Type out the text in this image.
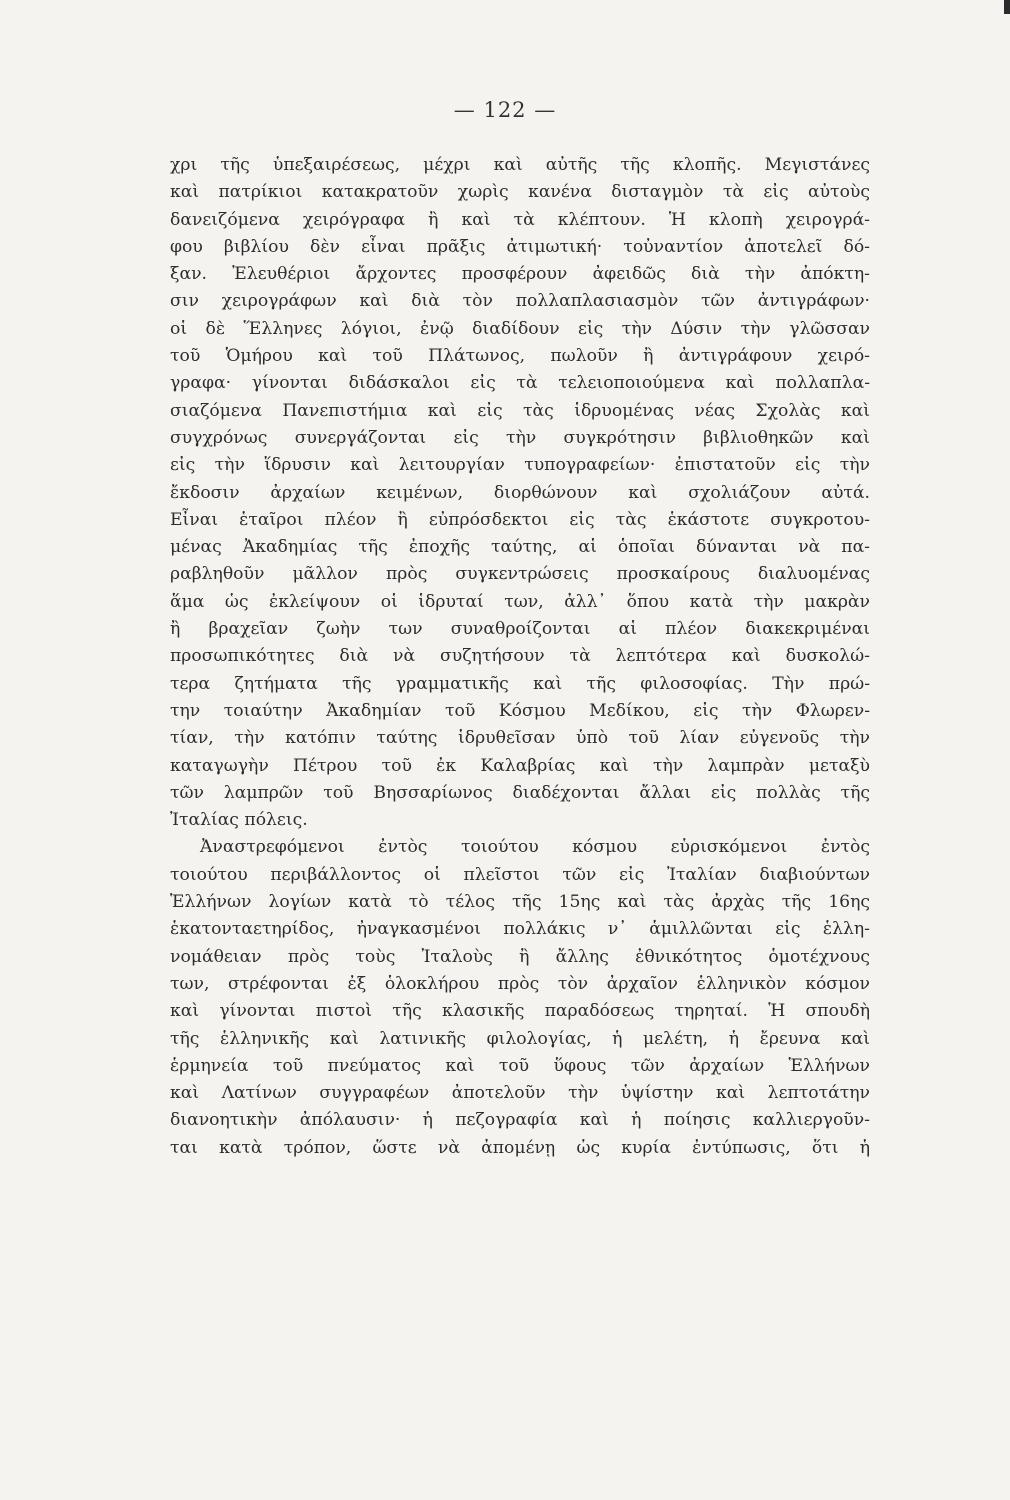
— 122 —
χρι τῆς ὑπεξαιρέσεως, μέχρι καὶ αὐτῆς τῆς κλοπῆς. Μεγιστάνες
καὶ πατρίκιοι κατακρατοῦν χωρὶς κανένα δισταγμὸν τὰ εἰς αὐτοὺς
δανειζόμενα χειρόγραφα ἢ καὶ τὰ κλέπτουν. Ἡ κλοπὴ χειρογρά-
φου βιβλίου δὲν εἶναι πρᾶξις ἀτιμωτική· τοὐναντίον ἀποτελεῖ δό-
ξαν. Ἐλευθέριοι ἄρχοντες προσφέρουν ἀφειδῶς διὰ τὴν ἀπόκτη-
σιν χειρογράφων καὶ διὰ τὸν πολλαπλασιασμὸν τῶν ἀντιγράφων·
οἱ δὲ Ἕλληνες λόγιοι, ἐνῷ διαδίδουν εἰς τὴν Δύσιν τὴν γλῶσσαν
τοῦ Ὁμήρου καὶ τοῦ Πλάτωνος, πωλοῦν ἢ ἀντιγράφουν χειρό-
γραφα· γίνονται διδάσκαλοι εἰς τὰ τελειοποιούμενα καὶ πολλαπλα-
σιαζόμενα Πανεπιστήμια καὶ εἰς τὰς ἱδρυομένας νέας Σχολὰς καὶ
συγχρόνως συνεργάζονται εἰς τὴν συγκρότησιν βιβλιοθηκῶν καὶ
εἰς τὴν ἵδρυσιν καὶ λειτουργίαν τυπογραφείων· ἐπιστατοῦν εἰς τὴν
ἔκδοσιν ἀρχαίων κειμένων, διορθώνουν καὶ σχολιάζουν αὐτά.
Εἶναι ἑταῖροι πλέον ἢ εὐπρόσδεκτοι εἰς τὰς ἑκάστοτε συγκροτου-
μένας Ἀκαδημίας τῆς ἐποχῆς ταύτης, αἱ ὁποῖαι δύνανται νὰ πα-
ραβληθοῦν μᾶλλον πρὸς συγκεντρώσεις προσκαίρους διαλυομένας
ἅμα ὡς ἐκλείψουν οἱ ἱδρυταί των, ἀλλ᾽ ὅπου κατὰ τὴν μακρὰν
ἢ βραχεῖαν ζωὴν των συναθροίζονται αἱ πλέον διακεκριμέναι
προσωπικότητες διὰ νὰ συζητήσουν τὰ λεπτότερα καὶ δυσκολώ-
τερα ζητήματα τῆς γραμματικῆς καὶ τῆς φιλοσοφίας. Τὴν πρώ-
την τοιαύτην Ἀκαδημίαν τοῦ Κόσμου Μεδίκου, εἰς τὴν Φλωρεν-
τίαν, τὴν κατόπιν ταύτης ἱδρυθεῖσαν ὑπὸ τοῦ λίαν εὐγενοῦς τὴν
καταγωγὴν Πέτρου τοῦ ἐκ Καλαβρίας καὶ τὴν λαμπρὰν μεταξὺ
τῶν λαμπρῶν τοῦ Βησσαρίωνος διαδέχονται ἄλλαι εἰς πολλὰς τῆς
Ἰταλίας πόλεις.
Ἀναστρεφόμενοι ἐντὸς τοιούτου κόσμου εὑρισκόμενοι ἐντὸς
τοιούτου περιβάλλοντος οἱ πλεῖστοι τῶν εἰς Ἰταλίαν διαβιούντων
Ἑλλήνων λογίων κατὰ τὸ τέλος τῆς 15ης καὶ τὰς ἀρχὰς τῆς 16ης
ἑκατονταετηρίδος, ἠναγκασμένοι πολλάκις ν᾽ ἁμιλλῶνται εἰς ἑλλη-
νομάθειαν πρὸς τοὺς Ἰταλοὺς ἢ ἄλλης ἐθνικότητος ὁμοτέχνους
των, στρέφονται ἐξ ὁλοκλήρου πρὸς τὸν ἀρχαῖον ἑλληνικὸν κόσμον
καὶ γίνονται πιστοὶ τῆς κλασικῆς παραδόσεως τηρηταί. Ἡ σπουδὴ
τῆς ἑλληνικῆς καὶ λατινικῆς φιλολογίας, ἡ μελέτη, ἡ ἔρευνα καὶ
ἑρμηνεία τοῦ πνεύματος καὶ τοῦ ὕφους τῶν ἀρχαίων Ἑλλήνων
καὶ Λατίνων συγγραφέων ἀποτελοῦν τὴν ὑψίστην καὶ λεπτοτάτην
διανοητικὴν ἀπόλαυσιν· ἡ πεζογραφία καὶ ἡ ποίησις καλλιεργοῦν-
ται κατὰ τρόπον, ὥστε νὰ ἀπομένῃ ὡς κυρία ἐντύπωσις, ὅτι ἡ
